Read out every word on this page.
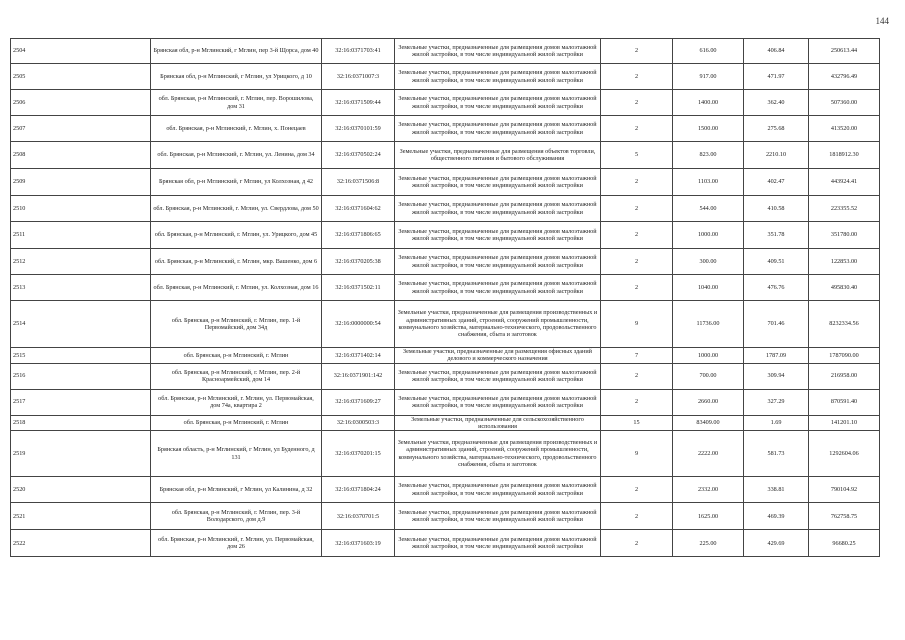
144
2504	Брянская обл, р-н Мглинский, г Мглин, пер 3-й Щорса, дом 40	32:16:0371703:41	Земельные участки, предназначенные для размещения домов малоэтажной жилой застройки, в том числе индивидуальной жилой застройки	2	616.00	406.84	250613.44
2505	Брянская обл, р-н Мглинский, г Мглин, ул Урицкого, д 10	32:16:0371007:3	Земельные участки, предназначенные для размещения домов малоэтажной жилой застройки, в том числе индивидуальной жилой застройки	2	917.00	471.97	432796.49
2506	обл. Брянская, р-н Мглинский, г. Мглин, пер. Ворошилова, дом 31	32:16:0371509:44	Земельные участки, предназначенные для размещения домов малоэтажной жилой застройки, в том числе индивидуальной жилой застройки	2	1400.00	362.40	507360.00
2507	обл. Брянская, р-н Мглинский, г. Мглин, х. Понецаев	32:16:0370101:59	Земельные участки, предназначенные для размещения домов малоэтажной жилой застройки, в том числе индивидуальной жилой застройки	2	1500.00	275.68	413520.00
2508	обл. Брянская, р-н Мглинский, г. Мглин, ул. Ленина, дом 34	32:16:0370502:24	Земельные участки, предназначенные для размещения объектов торговли, общественного питания и бытового обслуживания	5	823.00	2210.10	1818912.30
2509	Брянская обл, р-н Мглинский, г Мглин, ул Колхозная, д 42	32:16:0371506:8	Земельные участки, предназначенные для размещения домов малоэтажной жилой застройки, в том числе индивидуальной жилой застройки	2	1103.00	402.47	443924.41
2510	обл. Брянская, р-н Мглинский, г. Мглин, ул. Свердлова, дом 50	32:16:0371604:62	Земельные участки, предназначенные для размещения домов малоэтажной жилой застройки, в том числе индивидуальной жилой застройки	2	544.00	410.58	223355.52
2511	обл. Брянская, р-н Мглинский, г. Мглин, ул. Урицкого, дом 45	32:16:0371806:65	Земельные участки, предназначенные для размещения домов малоэтажной жилой застройки, в том числе индивидуальной жилой застройки	2	1000.00	351.78	351780.00
2512	обл. Брянская, р-н Мглинский, г. Мглин, мкр. Вашенко, дом 6	32:16:0370205:38	Земельные участки, предназначенные для размещения домов малоэтажной жилой застройки, в том числе индивидуальной жилой застройки	2	300.00	409.51	122853.00
2513	обл. Брянская, р-н Мглинский, г. Мглин, ул. Колхозная, дом 16	32:16:0371502:11	Земельные участки, предназначенные для размещения домов малоэтажной жилой застройки, в том числе индивидуальной жилой застройки	2	1040.00	476.76	495830.40
2514	обл. Брянская, р-н Мглинский, г. Мглин, пер. 1-й Первомайский, дом 34д	32:16:0000000:54	Земельные участки, предназначенные для размещения производственных и административных зданий, строений, сооружений промышленности, коммунального хозяйства, материально-технического, продовольственного снабжения, сбыта и заготовок	9	11736.00	701.46	8232334.56
2515	обл. Брянская, р-н Мглинский, г. Мглин	32:16:0371402:14	Земельные участки, предназначенные для размещения офисных зданий делового и коммерческого назначения	7	1000.00	1787.09	1787090.00
2516	обл. Брянская, р-н Мглинский, г. Мглин, пер. 2-й Красноармейский, дом 14	32:16:0371901:142	Земельные участки, предназначенные для размещения домов малоэтажной жилой застройки, в том числе индивидуальной жилой застройки	2	700.00	309.94	216958.00
2517	обл. Брянская, р-н Мглинский, г. Мглин, ул. Первомайская, дом 74а, квартира 2	32:16:0371609:27	Земельные участки, предназначенные для размещения домов малоэтажной жилой застройки, в том числе индивидуальной жилой застройки	2	2660.00	327.29	870591.40
2518	обл. Брянская, р-н Мглинский, г. Мглин	32:16:0300503:3	Земельные участки, предназначенные для сельскохозяйственного использования	15	83409.00	1.69	141201.10
2519	Брянская область, р-н Мглинский, г Мглин, ул Буденного, д 131	32:16:0370201:15	Земельные участки, предназначенные для размещения производственных и административных зданий, строений, сооружений промышленности, коммунального хозяйства, материально-технического, продовольственного снабжения, сбыта и заготовок	9	2222.00	581.73	1292604.06
2520	Брянская обл, р-н Мглинский, г Мглин, ул Калинина, д 32	32:16:0371804:24	Земельные участки, предназначенные для размещения домов малоэтажной жилой застройки, в том числе индивидуальной жилой застройки	2	2332.00	338.81	790104.92
2521	обл. Брянская, р-н Мглинский, г. Мглин, пер. 3-й Володарского, дом д.9	32:16:0370701:5	Земельные участки, предназначенные для размещения домов малоэтажной жилой застройки, в том числе индивидуальной жилой застройки	2	1625.00	469.39	762758.75
2522	обл. Брянская, р-н Мглинский, г. Мглин, ул. Первомайская, дом 26	32:16:0371603:19	Земельные участки, предназначенные для размещения домов малоэтажной жилой застройки, в том числе индивидуальной жилой застройки	2	225.00	429.69	96680.25
